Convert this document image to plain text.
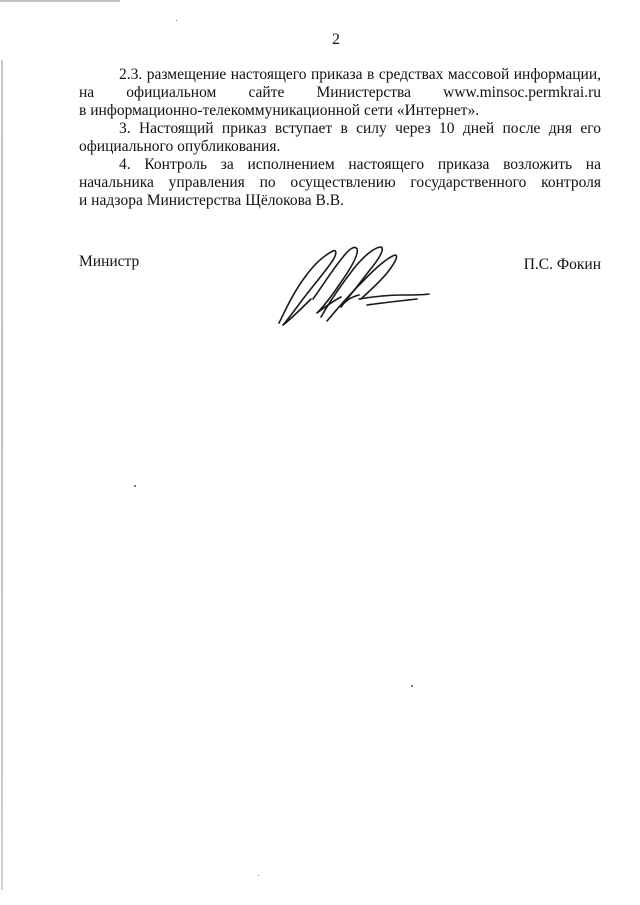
2

2.3. размещение настоящего приказа в средствах массовой информации,
на официальном сайте Министерства www.minsoc.permkrai.ru
в информационно-телекоммуникационной сети «Интернет».

3. Настоящий приказ вступает в силу через 10 дней после дня его
официального опубликования.

4. Контроль за исполнением настоящего приказа возложить на
начальника управления по осуществлению государственного контроля
и надзора Министерства Щёлокова В.В.

Министр	П.С. Фокин
